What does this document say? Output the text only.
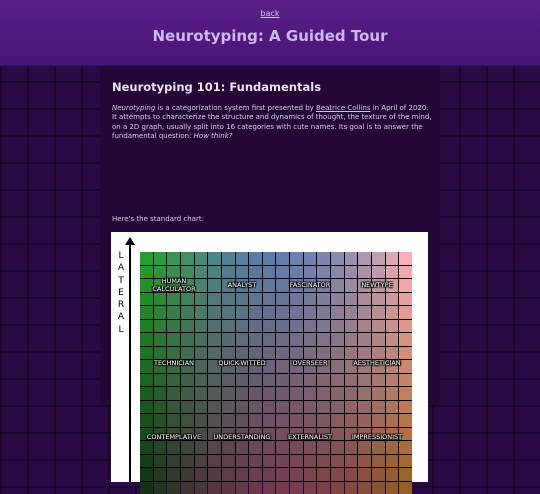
back
Neurotyping: A Guided Tour
Neurotyping 101: Fundamentals

Neurotyping is a categorization system first presented by Beatrice Collins in April of 2020. It attempts to characterize the structure and dynamics of thought, the texture of the mind, on a 2D graph, usually split into 16 categories with cute names. Its goal is to answer the fundamental question: How think?

Here's the standard chart:

L
A
T
E
R
A
L
HUMAN
CALCULATOR	ANALYST	FASCINATOR	NEWTYPE
TECHNICIAN	QUICK-WITTED	OVERSEER	AESTHETICIAN
CONTEMPLATIVE	UNDERSTANDING	EXTERNALIST	IMPRESSIONIST
